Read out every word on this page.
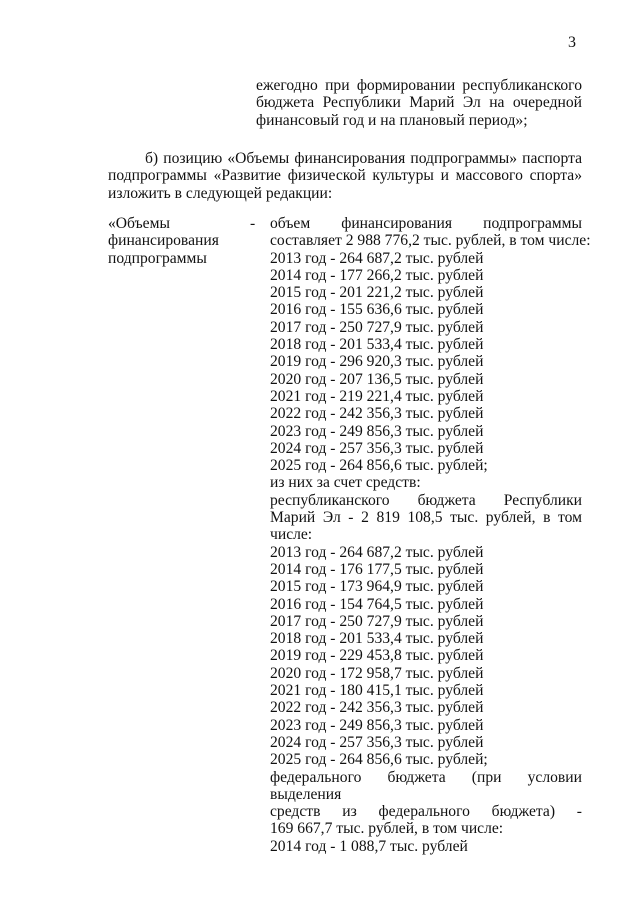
3
ежегодно при формировании республиканского
бюджета Республики Марий Эл на очередной
финансовый год и на плановый период»;
б) позицию «Объемы финансирования подпрограммы» паспорта
подпрограммы «Развитие физической культуры и массового спорта»
изложить в следующей редакции:
«Объемы
финансирования
подпрограммы
- объем финансирования подпрограммы
составляет 2 988 776,2 тыс. рублей, в том числе:
2013 год - 264 687,2 тыс. рублей
2014 год - 177 266,2 тыс. рублей
2015 год - 201 221,2 тыс. рублей
2016 год - 155 636,6 тыс. рублей
2017 год - 250 727,9 тыс. рублей
2018 год - 201 533,4 тыс. рублей
2019 год - 296 920,3 тыс. рублей
2020 год - 207 136,5 тыс. рублей
2021 год - 219 221,4 тыс. рублей
2022 год - 242 356,3 тыс. рублей
2023 год - 249 856,3 тыс. рублей
2024 год - 257 356,3 тыс. рублей
2025 год - 264 856,6 тыс. рублей;
из них за счет средств:
республиканского бюджета Республики
Марий Эл - 2 819 108,5 тыс. рублей, в том
числе:
2013 год - 264 687,2 тыс. рублей
2014 год - 176 177,5 тыс. рублей
2015 год - 173 964,9 тыс. рублей
2016 год - 154 764,5 тыс. рублей
2017 год - 250 727,9 тыс. рублей
2018 год - 201 533,4 тыс. рублей
2019 год - 229 453,8 тыс. рублей
2020 год - 172 958,7 тыс. рублей
2021 год - 180 415,1 тыс. рублей
2022 год - 242 356,3 тыс. рублей
2023 год - 249 856,3 тыс. рублей
2024 год - 257 356,3 тыс. рублей
2025 год - 264 856,6 тыс. рублей;
федерального бюджета (при условии выделения
средств из федерального бюджета) -
169 667,7 тыс. рублей, в том числе:
2014 год - 1 088,7 тыс. рублей
